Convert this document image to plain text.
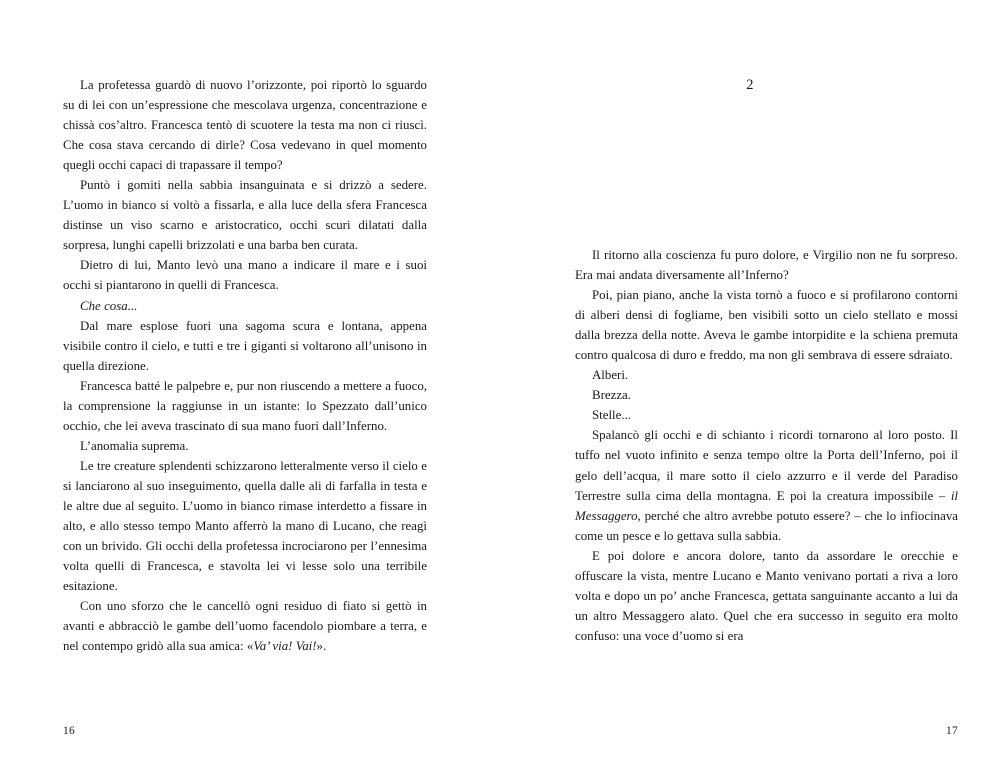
La profetessa guardò di nuovo l’orizzonte, poi riportò lo sguardo su di lei con un’espressione che mescolava urgenza, concentrazione e chissà cos’altro. Francesca tentò di scuotere la testa ma non ci riuscì. Che cosa stava cercando di dirle? Cosa vedevano in quel momento quegli occhi capaci di trapassare il tempo?

Puntò i gomiti nella sabbia insanguinata e si drizzò a sedere. L’uomo in bianco si voltò a fissarla, e alla luce della sfera Francesca distinse un viso scarno e aristocratico, occhi scuri dilatati dalla sorpresa, lunghi capelli brizzolati e una barba ben curata.

Dietro di lui, Manto levò una mano a indicare il mare e i suoi occhi si piantarono in quelli di Francesca.

Che cosa...

Dal mare esplose fuori una sagoma scura e lontana, appena visibile contro il cielo, e tutti e tre i giganti si voltarono all’unisono in quella direzione.

Francesca batté le palpebre e, pur non riuscendo a mettere a fuoco, la comprensione la raggiunse in un istante: lo Spezzato dall’unico occhio, che lei aveva trascinato di sua mano fuori dall’Inferno.

L’anomalia suprema.

Le tre creature splendenti schizzarono letteralmente verso il cielo e si lanciarono al suo inseguimento, quella dalle ali di farfalla in testa e le altre due al seguito. L’uomo in bianco rimase interdetto a fissare in alto, e allo stesso tempo Manto afferrò la mano di Lucano, che reagì con un brivido. Gli occhi della profetessa incrociarono per l’ennesima volta quelli di Francesca, e stavolta lei vi lesse solo una terribile esitazione.

Con uno sforzo che le cancellò ogni residuo di fiato si gettò in avanti e abbracciò le gambe dell’uomo facendolo piombare a terra, e nel contempo gridò alla sua amica: «Va’ via! Vai!».

16
2

Il ritorno alla coscienza fu puro dolore, e Virgilio non ne fu sorpreso. Era mai andata diversamente all’Inferno?

Poi, pian piano, anche la vista tornò a fuoco e si profilarono contorni di alberi densi di fogliame, ben visibili sotto un cielo stellato e mossi dalla brezza della notte. Aveva le gambe intorpidite e la schiena premuta contro qualcosa di duro e freddo, ma non gli sembrava di essere sdraiato.

Alberi.

Brezza.

Stelle...

Spalancò gli occhi e di schianto i ricordi tornarono al loro posto. Il tuffo nel vuoto infinito e senza tempo oltre la Porta dell’Inferno, poi il gelo dell’acqua, il mare sotto il cielo azzurro e il verde del Paradiso Terrestre sulla cima della montagna. E poi la creatura impossibile – il Messaggero, perché che altro avrebbe potuto essere? – che lo infiocinava come un pesce e lo gettava sulla sabbia.

E poi dolore e ancora dolore, tanto da assordare le orecchie e offuscare la vista, mentre Lucano e Manto venivano portati a riva a loro volta e dopo un po’ anche Francesca, gettata sanguinante accanto a lui da un altro Messaggero alato. Quel che era successo in seguito era molto confuso: una voce d’uomo si era

17
